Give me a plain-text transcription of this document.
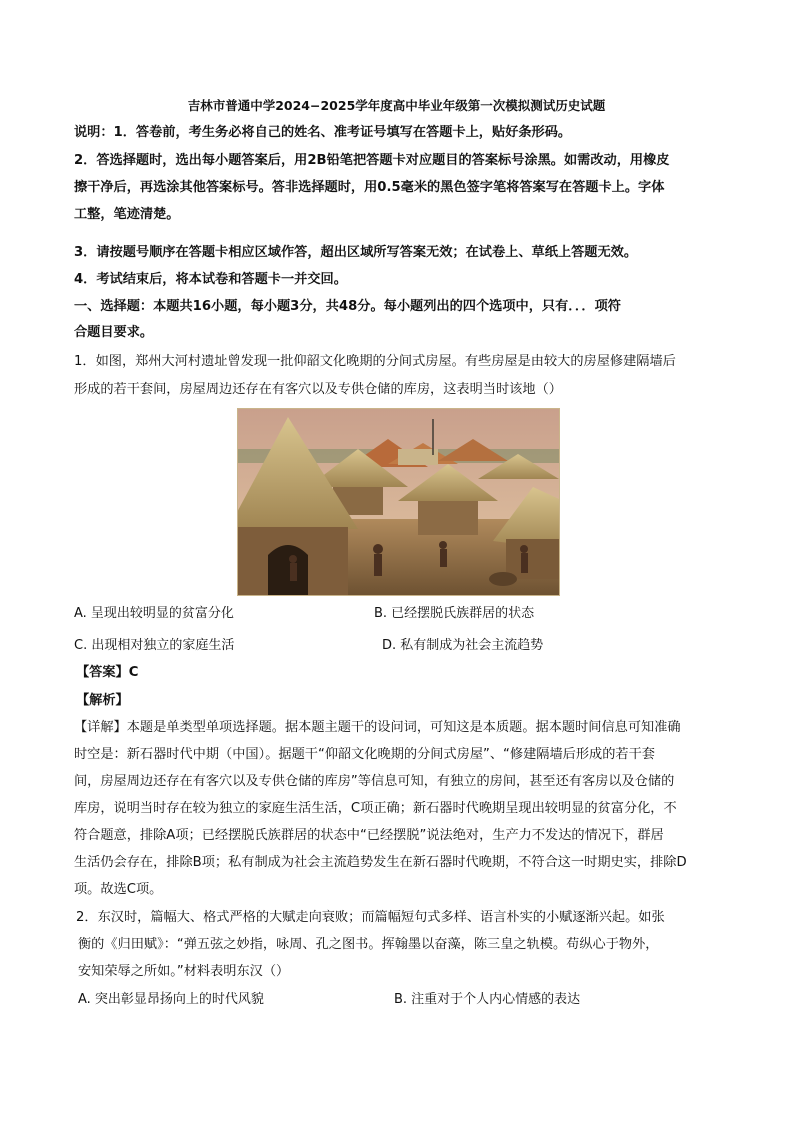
吉林市普通中学2024−2025学年度高中毕业年级第一次模拟测试历史试题
说明：1．答卷前，考生务必将自己的姓名、准考证号填写在答题卡上，贴好条形码。
2．答选择题时，选出每小题答案后，用2B铅笔把答题卡对应题目的答案标号涂黑。如需改动，用橡皮
擦干净后，再选涂其他答案标号。答非选择题时，用0.5毫米的黑色签字笔将答案写在答题卡上。字体
工整，笔迹清楚。
3．请按题号顺序在答题卡相应区域作答，超出区域所写答案无效；在试卷上、草纸上答题无效。
4．考试结束后，将本试卷和答题卡一并交回。
一、选择题：本题共16小题，每小题3分，共48分。每小题列出的四个选项中，只有．．．项符
合题目要求。
1．如图，郑州大河村遗址曾发现一批仰韶文化晚期的分间式房屋。有些房屋是由较大的房屋修建隔墙后
形成的若干套间，房屋周边还存在有客穴以及专供仓储的库房，这表明当时该地（）
A. 呈现出较明显的贫富分化	B. 已经摆脱氏族群居的状态
C. 出现相对独立的家庭生活	D. 私有制成为社会主流趋势
【答案】C
【解析】
【详解】本题是单类型单项选择题。据本题主题干的设问词，可知这是本质题。据本题时间信息可知准确
时空是：新石器时代中期（中国）。据题干“仰韶文化晚期的分间式房屋”、“修建隔墙后形成的若干套
间，房屋周边还存在有客穴以及专供仓储的库房”等信息可知，有独立的房间，甚至还有客房以及仓储的
库房，说明当时存在较为独立的家庭生活生活，C项正确；新石器时代晚期呈现出较明显的贫富分化，不
符合题意，排除A项；已经摆脱氏族群居的状态中“已经摆脱”说法绝对，生产力不发达的情况下，群居
生活仍会存在，排除B项；私有制成为社会主流趋势发生在新石器时代晚期，不符合这一时期史实，排除D
项。故选C项。
2．东汉时，篇幅大、格式严格的大赋走向衰败；而篇幅短句式多样、语言朴实的小赋逐渐兴起。如张
衡的《归田赋》：“弹五弦之妙指，咏周、孔之图书。挥翰墨以奋藻，陈三皇之轨模。苟纵心于物外，
安知荣辱之所如。”材料表明东汉（）
A. 突出彰显昂扬向上的时代风貌	B. 注重对于个人内心情感的表达
